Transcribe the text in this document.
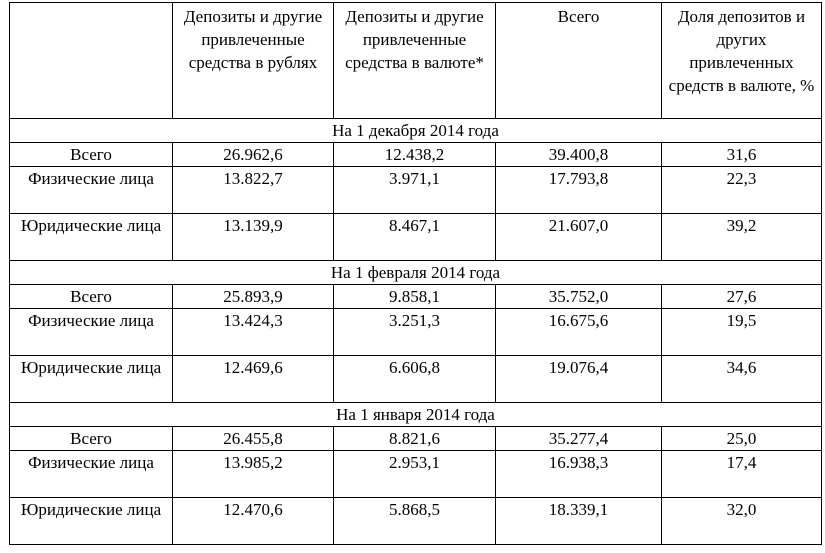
	Депозиты и другие привлеченные средства в рублях	Депозиты и другие привлеченные средства в валюте*	Всего	Доля депозитов и других привлеченных средств в валюте, %
На 1 декабря 2014 года				
Всего	26.962,6	12.438,2	39.400,8	31,6
Физические лица	13.822,7	3.971,1	17.793,8	22,3
Юридические лица	13.139,9	8.467,1	21.607,0	39,2
На 1 февраля 2014 года				
Всего	25.893,9	9.858,1	35.752,0	27,6
Физические лица	13.424,3	3.251,3	16.675,6	19,5
Юридические лица	12.469,6	6.606,8	19.076,4	34,6
На 1 января 2014 года				
Всего	26.455,8	8.821,6	35.277,4	25,0
Физические лица	13.985,2	2.953,1	16.938,3	17,4
Юридические лица	12.470,6	5.868,5	18.339,1	32,0
